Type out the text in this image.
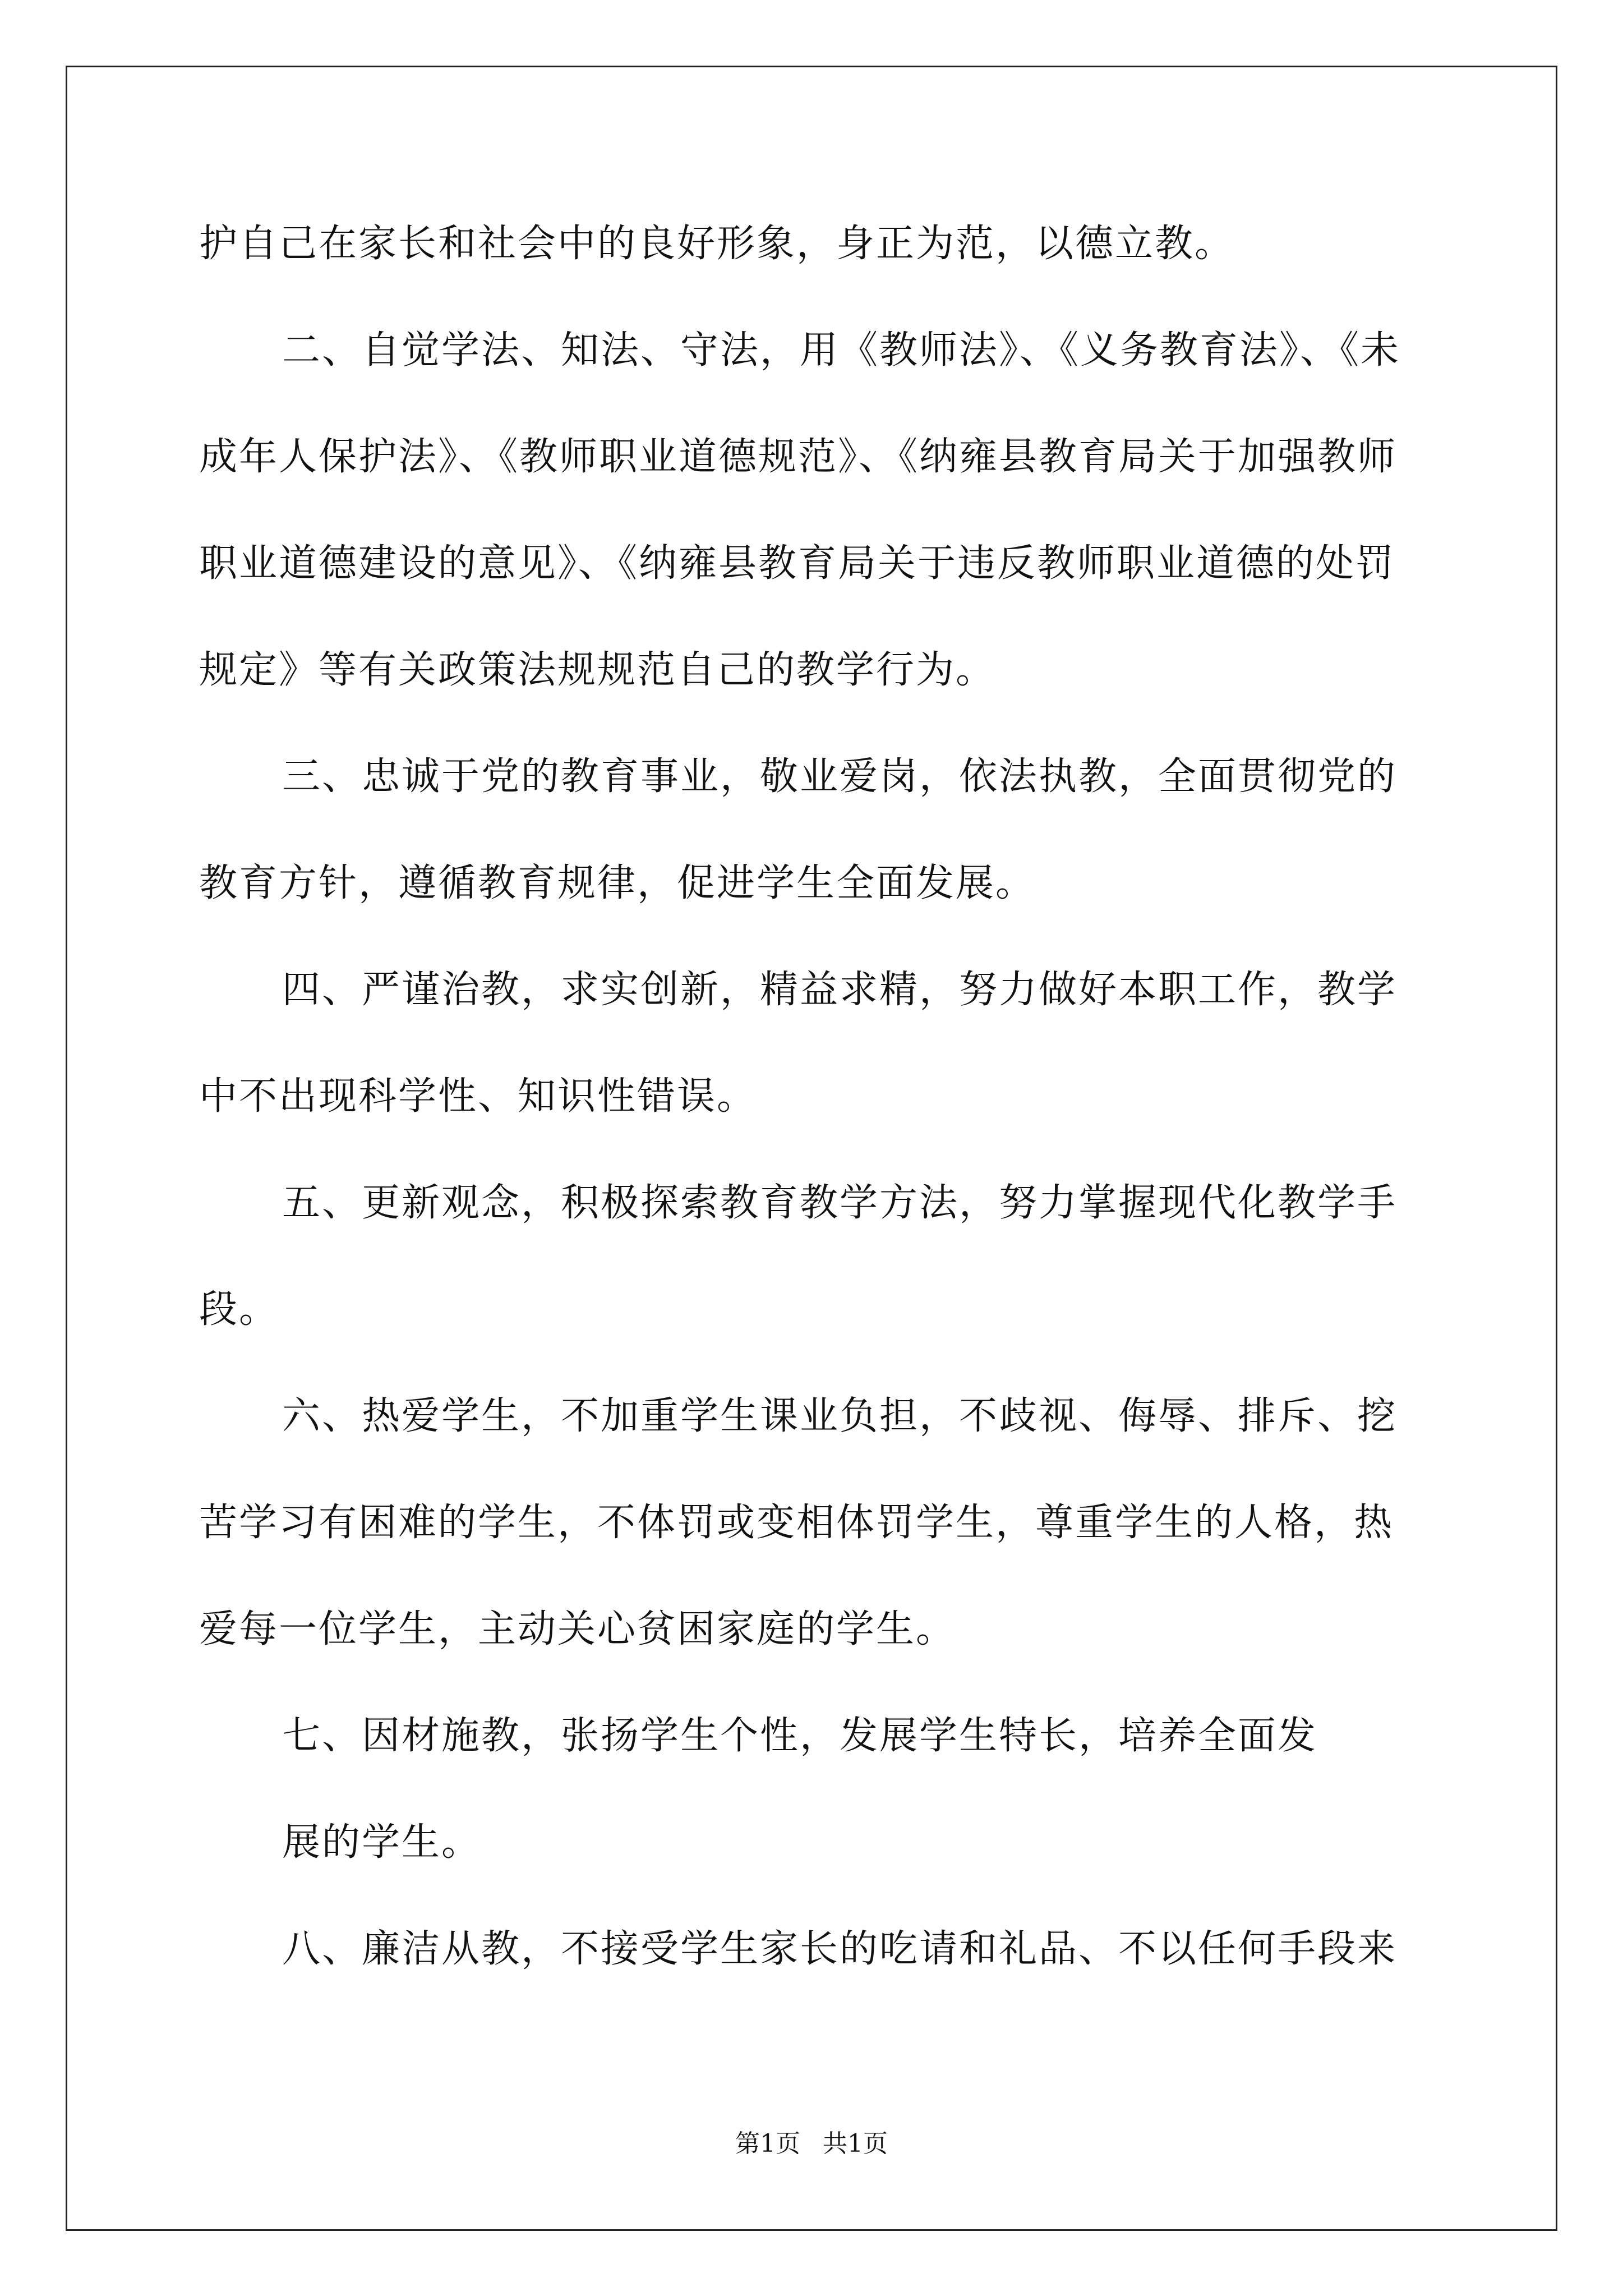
护自己在家长和社会中的良好形象，身正为范，以德立教。
二、自觉学法、知法、守法，用《教师法》、《义务教育法》、《未
成年人保护法》、《教师职业道德规范》、《纳雍县教育局关于加强教师
职业道德建设的意见》、《纳雍县教育局关于违反教师职业道德的处罚
规定》等有关政策法规规范自己的教学行为。
三、忠诚于党的教育事业，敬业爱岗，依法执教，全面贯彻党的
教育方针，遵循教育规律，促进学生全面发展。
四、严谨治教，求实创新，精益求精，努力做好本职工作，教学
中不出现科学性、知识性错误。
五、更新观念，积极探索教育教学方法，努力掌握现代化教学手
段。
六、热爱学生，不加重学生课业负担，不歧视、侮辱、排斥、挖
苦学习有困难的学生，不体罚或变相体罚学生，尊重学生的人格，热
爱每一位学生，主动关心贫困家庭的学生。
七、因材施教，张扬学生个性，发展学生特长，培养全面发
展的学生。
八、廉洁从教，不接受学生家长的吃请和礼品、不以任何手段来
第1页 共1页
